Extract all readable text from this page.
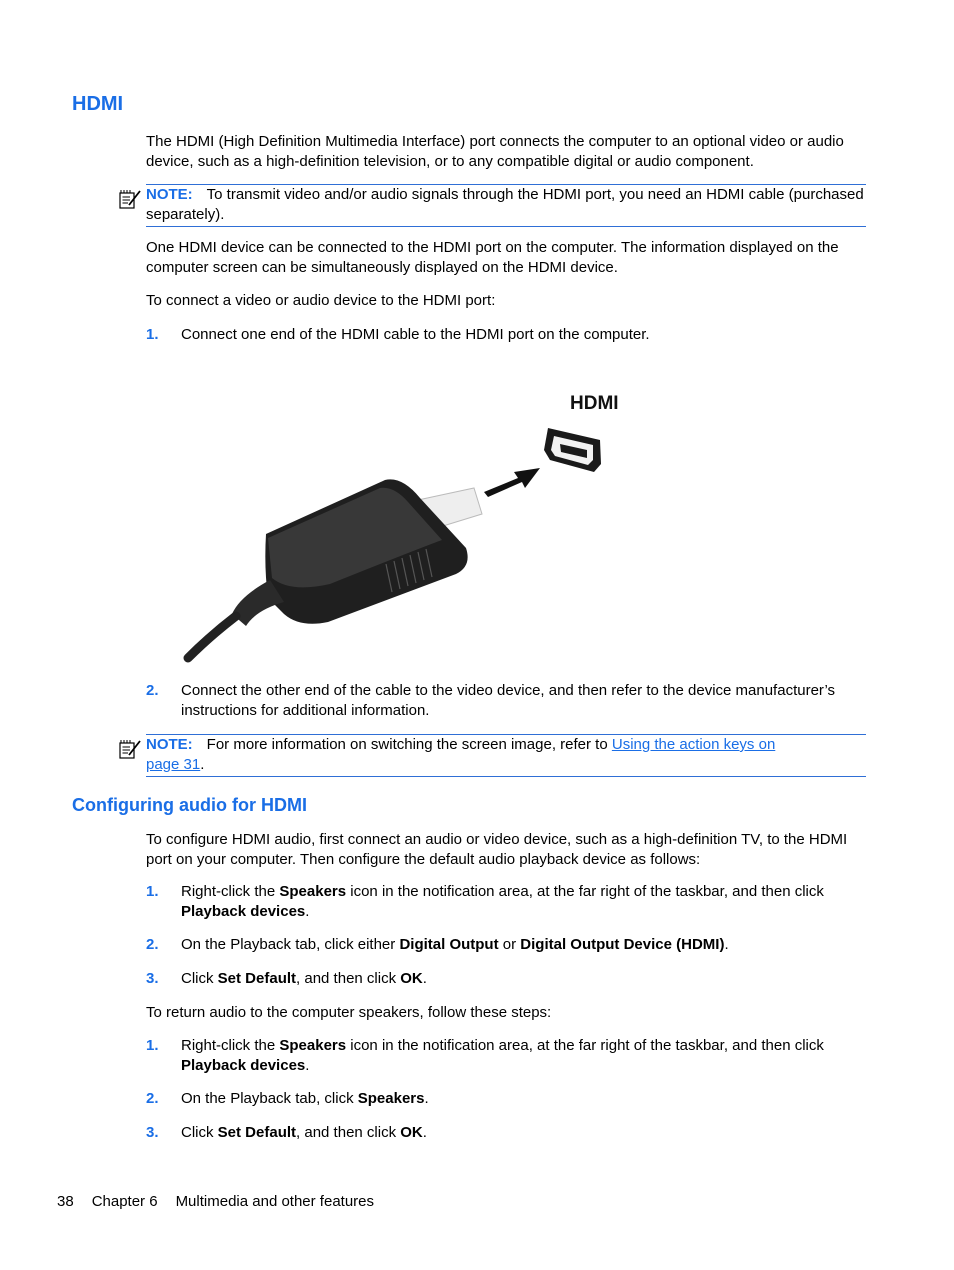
HDMI
The HDMI (High Definition Multimedia Interface) port connects the computer to an optional video or audio device, such as a high-definition television, or to any compatible digital or audio component.
NOTE: To transmit video and/or audio signals through the HDMI port, you need an HDMI cable (purchased separately).
One HDMI device can be connected to the HDMI port on the computer. The information displayed on the computer screen can be simultaneously displayed on the HDMI device.
To connect a video or audio device to the HDMI port:
1. Connect one end of the HDMI cable to the HDMI port on the computer.
HDMI
2. Connect the other end of the cable to the video device, and then refer to the device manufacturer’s instructions for additional information.
NOTE: For more information on switching the screen image, refer to Using the action keys on page 31.
Configuring audio for HDMI
To configure HDMI audio, first connect an audio or video device, such as a high-definition TV, to the HDMI port on your computer. Then configure the default audio playback device as follows:
1. Right-click the Speakers icon in the notification area, at the far right of the taskbar, and then click Playback devices.
2. On the Playback tab, click either Digital Output or Digital Output Device (HDMI).
3. Click Set Default, and then click OK.
To return audio to the computer speakers, follow these steps:
1. Right-click the Speakers icon in the notification area, at the far right of the taskbar, and then click Playback devices.
2. On the Playback tab, click Speakers.
3. Click Set Default, and then click OK.
38 Chapter 6 Multimedia and other features
